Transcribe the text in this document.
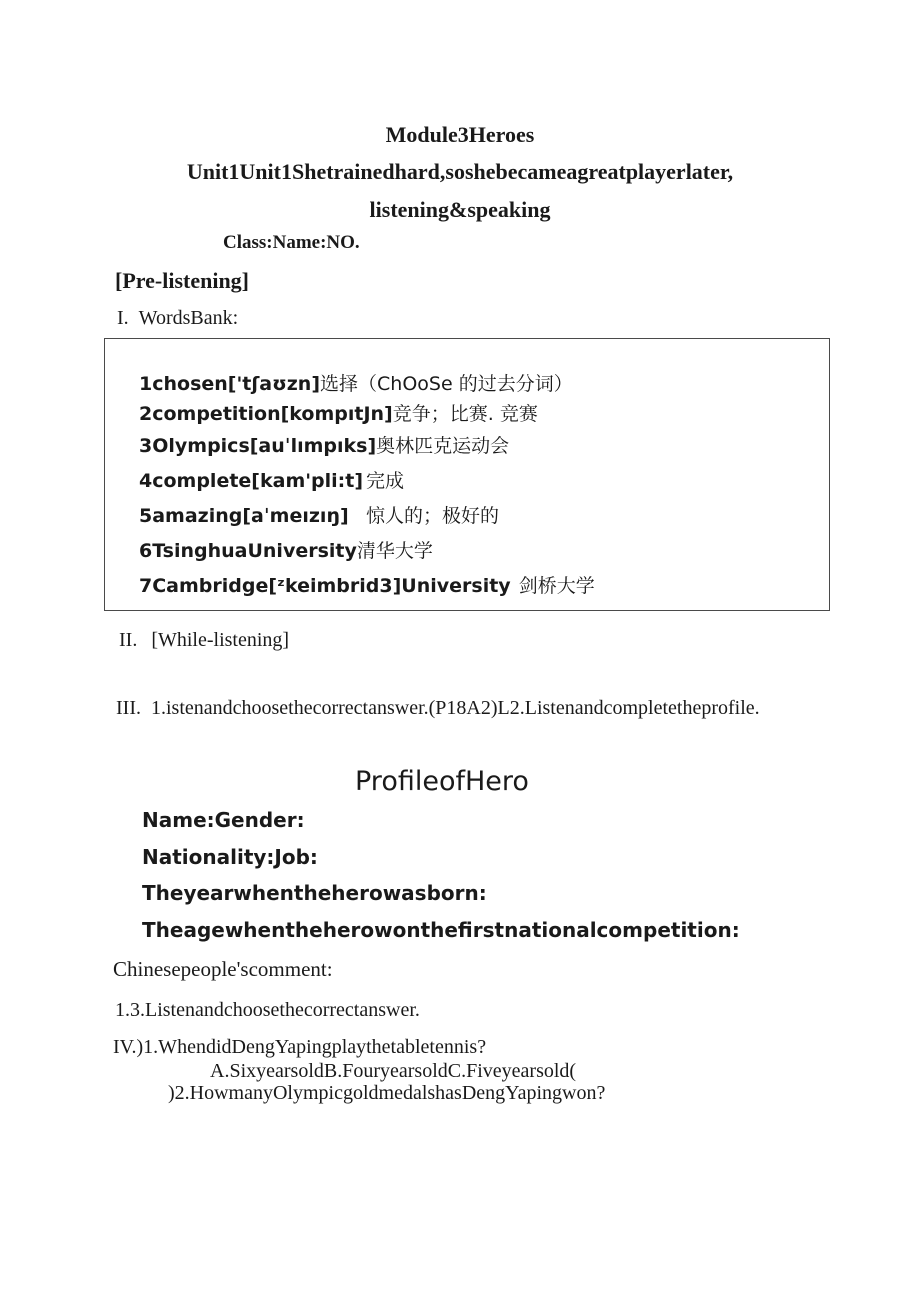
Module3Heroes
Unit1Unit1Shetrainedhard,soshebecameagreatplayerlater,
listening&speaking
Class:Name:NO.
[Pre-listening]
I. WordsBank:
1chosen['tʃaʊzn]选择（ChOoSe 的过去分词）
2competition[kompıtJn]竞争；比赛. 竞赛
3Olympics[auˈlımpıks]奥林匹克运动会
4complete[kam'pli:t] 完成
5amazing[aˈmeızıŋ] 惊人的；极好的
6TsinghuaUniversity清华大学
7Cambridge[ᶻkeimbrid3]University 剑桥大学
II. [While-listening]
III. 1.istenandchoosethecorrectanswer.(P18A2)L2.Listenandcompletetheprofile.
ProfileofHero
Name:Gender:
Nationality:Job:
Theyearwhentheherowasborn:
Theagewhentheherowonthefirstnationalcompetition:
Chinesepeople'scomment:
1.3.Listenandchoosethecorrectanswer.
IV.)1.WhendidDengYapingplaythetabletennis?
A.SixyearsoldB.FouryearsoldC.Fiveyearsold(
)2.HowmanyOlympicgoldmedalshasDengYapingwon?
